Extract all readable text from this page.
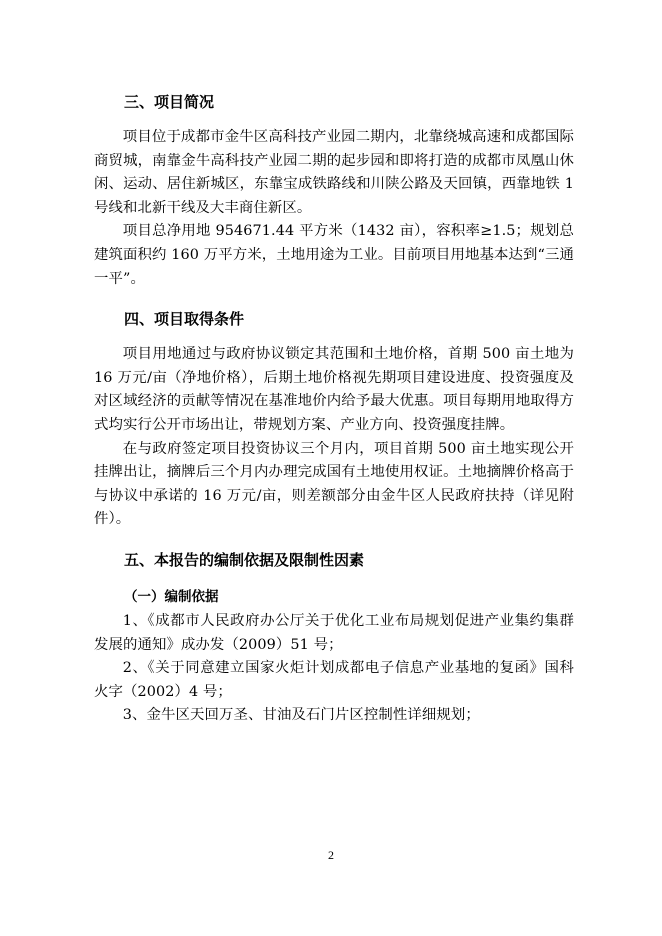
三、项目简况

项目位于成都市金牛区高科技产业园二期内，北靠绕城高速和成都国际商贸城，南靠金牛高科技产业园二期的起步园和即将打造的成都市凤凰山休闲、运动、居住新城区，东靠宝成铁路线和川陕公路及天回镇，西靠地铁 1 号线和北新干线及大丰商住新区。

项目总净用地 954671.44 平方米（1432 亩），容积率≥1.5；规划总建筑面积约 160 万平方米，土地用途为工业。目前项目用地基本达到“三通一平”。

四、项目取得条件

项目用地通过与政府协议锁定其范围和土地价格，首期 500 亩土地为 16 万元/亩（净地价格），后期土地价格视先期项目建设进度、投资强度及对区域经济的贡献等情况在基准地价内给予最大优惠。项目每期用地取得方式均实行公开市场出让，带规划方案、产业方向、投资强度挂牌。

在与政府签定项目投资协议三个月内，项目首期 500 亩土地实现公开挂牌出让，摘牌后三个月内办理完成国有土地使用权证。土地摘牌价格高于与协议中承诺的 16 万元/亩，则差额部分由金牛区人民政府扶持（详见附件）。

五、本报告的编制依据及限制性因素
（一）编制依据

1、《成都市人民政府办公厅关于优化工业布局规划促进产业集约集群发展的通知》成办发（2009）51 号；

2、《关于同意建立国家火炬计划成都电子信息产业基地的复函》国科火字（2002）4 号；

3、金牛区天回万圣、甘油及石门片区控制性详细规划；

2
